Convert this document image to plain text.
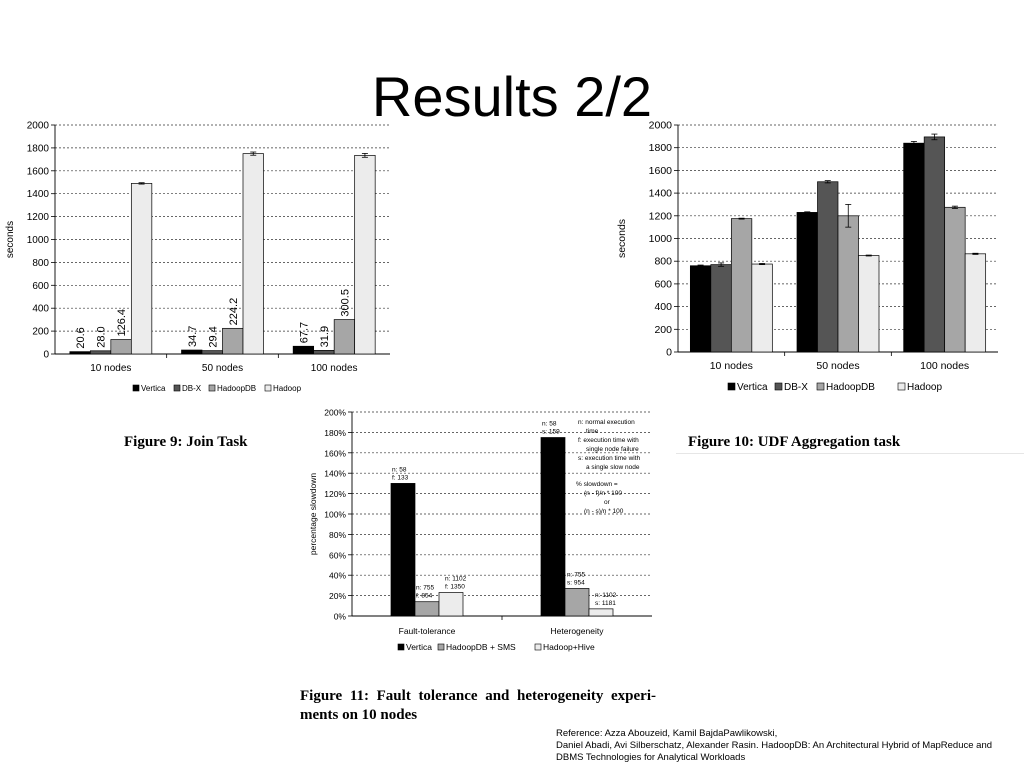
Results 2/2
0
200
400
600
800
1000
1200
1400
1600
1800
2000
seconds
10 nodes
20.6 28.0
126.4
50 nodes
34.7 29.4
224.2
100 nodes
67.7 31.9
300.5
Vertica DB-X HadoopDB Hadoop
0
200
400
600
800
1000
1200
1400
1600
1800
2000
seconds
10 nodes	50 nodes	100 nodes
Vertica DB-X HadoopDB	Hadoop
0%
20%
40%
60%
80%
100%
120%
140%
160%
180%
200%
percentage slowdown
Fault-tolerance
n: 58
f: 133
n: 755
f: 854
n: 1102
f: 1350
Heterogeneity
n: 58
s: 159
n: 755
s: 954
n: 1102
s: 1181
n: normal execution
time
f: execution time with
single node failure
s: execution time with
a single slow node
% slowdown =
(n - f)/n * 100
or
(n - s)/n * 100
Vertica HadoopDB + SMS	Hadoop+Hive
Figure 9: Join Task	Figure 10: UDF Aggregation task
Figure 11: Fault tolerance and heterogeneity experi-
ments on 10 nodes
Reference: Azza Abouzeid, Kamil BajdaPawlikowski,
Daniel Abadi, Avi Silberschatz, Alexander Rasin. HadoopDB: An Architectural Hybrid of MapReduce and
DBMS Technologies for Analytical Workloads
